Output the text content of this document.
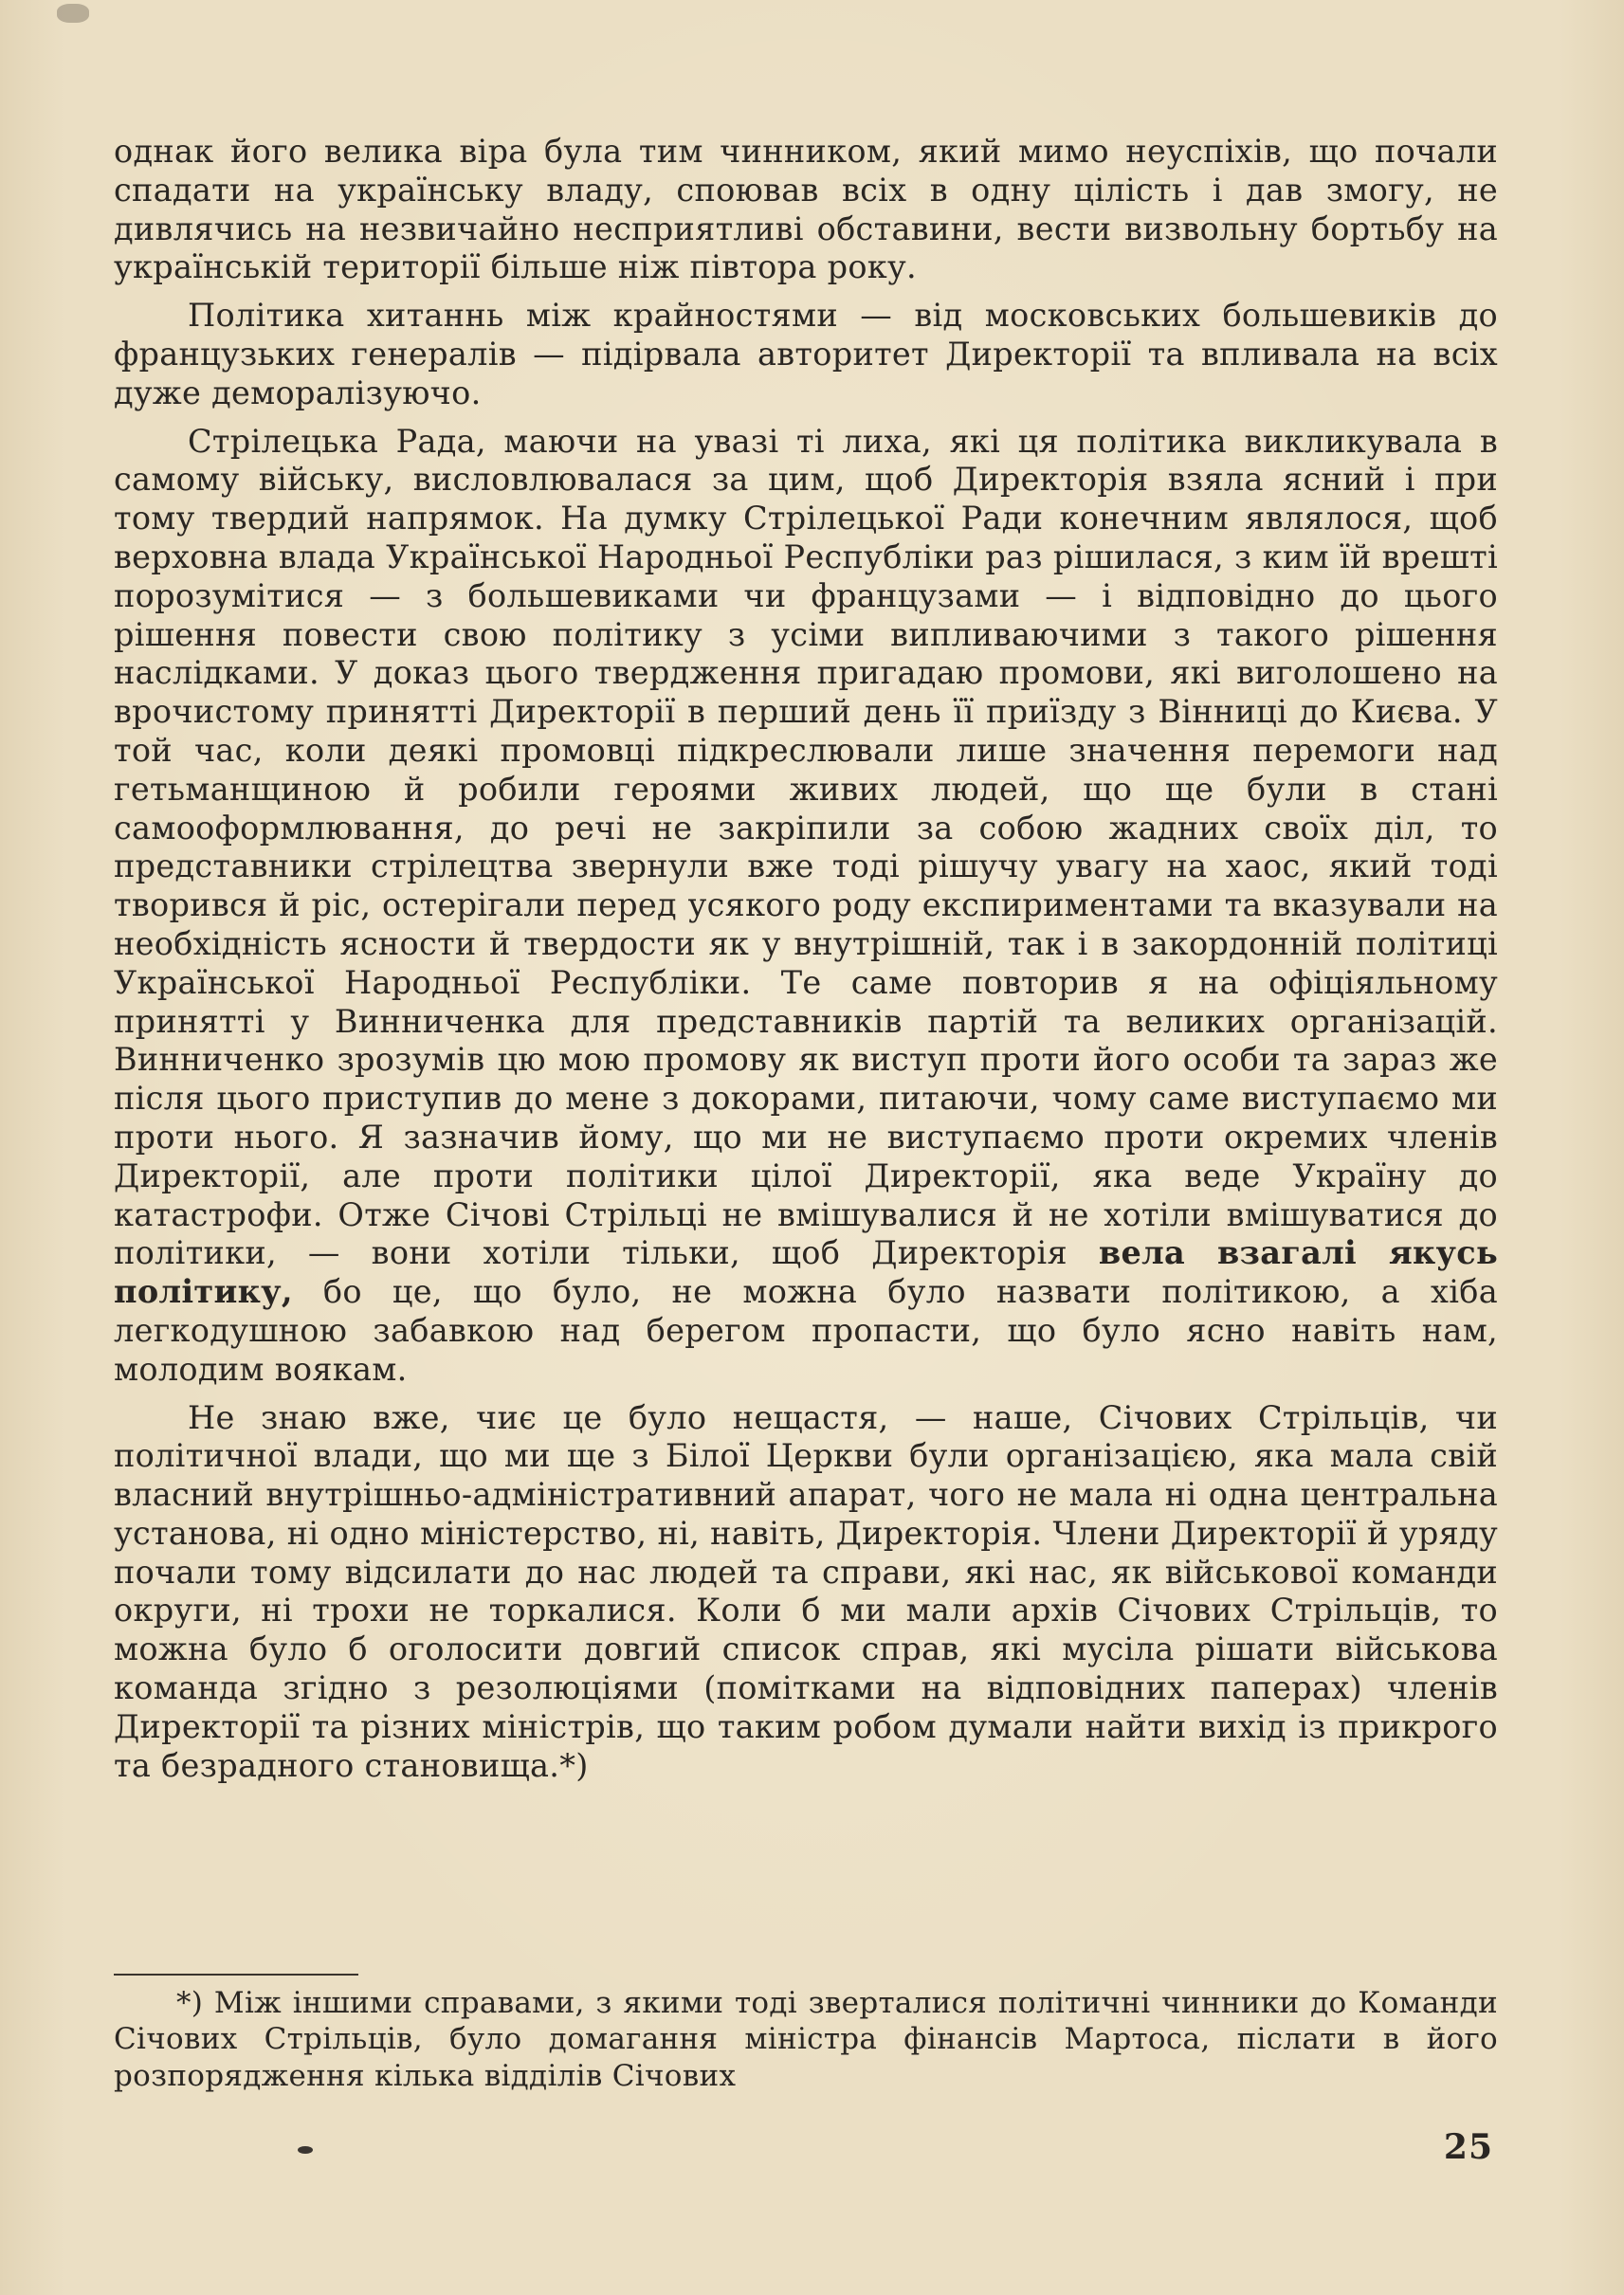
однак його велика віра була тим чинником, який мимо неуспіхів, що почали спадати на українську владу, споював всіх в одну цілість і дав змогу, не дивлячись на незвичайно несприятливі обставини, вести визвольну бортьбу на українській території більше ніж півтора року.

Політика хитаннь між крайностями — від московських большевиків до французьких генералів — підірвала авторитет Директорії та впливала на всіх дуже деморалізуючо.

Стрілецька Рада, маючи на увазі ті лиха, які ця політика викликувала в самому війську, висловлювалася за цим, щоб Директорія взяла ясний і при тому твердий напрямок. На думку Стрілецької Ради конечним являлося, щоб верховна влада Української Народньої Республіки раз рішилася, з ким їй врешті порозумітися — з большевиками чи французами — і відповідно до цього рішення повести свою політику з усіми випливаючими з такого рішення наслідками. У доказ цього твердження пригадаю промови, які виголошено на врочистому принятті Директорії в перший день її приїзду з Вінниці до Києва. У той час, коли деякі промовці підкреслювали лише значення перемоги над гетьманщиною й робили героями живих людей, що ще були в стані самооформлювання, до речі не закріпили за собою жадних своїх діл, то представники стрілецтва звернули вже тоді рішучу увагу на хаос, який тоді творився й ріс, остерігали перед усякого роду експириментами та вказували на необхідність ясности й твердости як у внутрішній, так і в закордонній політиці Української Народньої Республіки. Те саме повторив я на офіціяльному принятті у Винниченка для представників партій та великих організацій. Винниченко зрозумів цю мою промову як виступ проти його особи та зараз же після цього приступив до мене з докорами, питаючи, чому саме виступаємо ми проти нього. Я зазначив йому, що ми не виступаємо проти окремих членів Директорії, але проти політики цілої Директорії, яка веде Україну до катастрофи. Отже Січові Стрільці не вмішувалися й не хотіли вмішуватися до політики, — вони хотіли тільки, щоб Директорія вела взагалі якусь політику, бо це, що було, не можна було назвати політикою, а хіба легкодушною забавкою над берегом пропасти, що було ясно навіть нам, молодим воякам.

Не знаю вже, чиє це було нещастя, — наше, Січових Стрільців, чи політичної влади, що ми ще з Білої Церкви були організацією, яка мала свій власний внутрішньо-адміністративний апарат, чого не мала ні одна центральна установа, ні одно міністерство, ні, навіть, Директорія. Члени Директорії й уряду почали тому відсилати до нас людей та справи, які нас, як військової команди округи, ні трохи не торкалися. Коли б ми мали архів Січових Стрільців, то можна було б оголосити довгий список справ, які мусіла рішати військова команда згідно з резолюціями (помітками на відповідних паперах) членів Директорії та різних міністрів, що таким робом думали найти вихід із прикрого та безрадного становища.*)

*) Між іншими справами, з якими тоді зверталися політичні чинники до Команди Січових Стрільців, було домагання міністра фінансів Мартоса, післати в його розпорядження кілька відділів Січових

25
